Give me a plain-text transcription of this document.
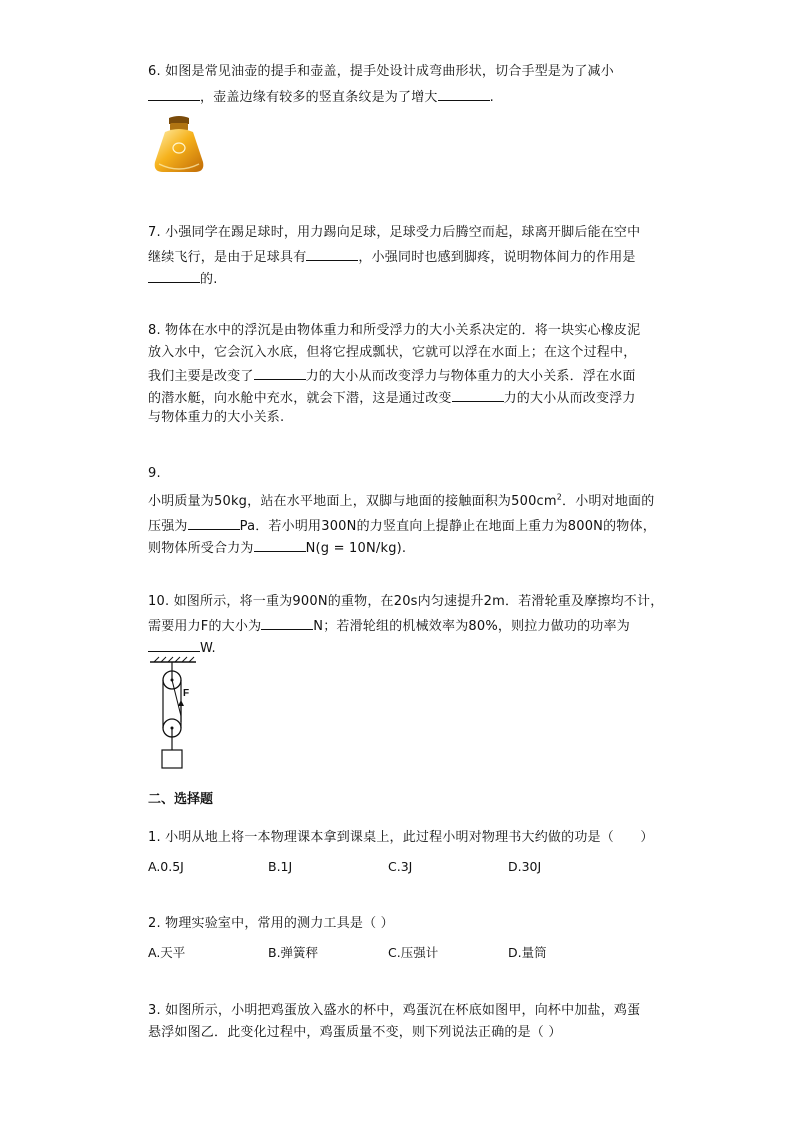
6. 如图是常见油壶的提手和壶盖，提手处设计成弯曲形状，切合手型是为了减小
，壶盖边缘有较多的竖直条纹是为了增大	.
7. 小强同学在踢足球时，用力踢向足球，足球受力后腾空而起，球离开脚后能在空中
继续飞行，是由于足球具有	，小强同时也感到脚疼，说明物体间力的作用是
的.
8. 物体在水中的浮沉是由物体重力和所受浮力的大小关系决定的．将一块实心橡皮泥
放入水中，它会沉入水底，但将它捏成瓢状，它就可以浮在水面上；在这个过程中，
我们主要是改变了	力的大小从而改变浮力与物体重力的大小关系．浮在水面
的潜水艇，向水舱中充水，就会下潜，这是通过改变	力的大小从而改变浮力
与物体重力的大小关系.
9.
小明质量为50kg，站在水平地面上，双脚与地面的接触面积为$500cm^2$．小明对地面的
压强为	Pa．若小明用300N的力竖直向上提静止在地面上重力为800N的物体，
则物体所受合力为	N(g = 10N/kg).
10. 如图所示，将一重为900N的重物，在20s内匀速提升2m．若滑轮重及摩擦均不计，
需要用力F的大小为	N；若滑轮组的机械效率为80%，则拉力做功的功率为
W.
F
二、选择题
1. 小明从地上将一本物理课本拿到课桌上，此过程小明对物理书大约做的功是（　　）
A.0.5J	B.1J	C.3J	D.30J
2. 物理实验室中，常用的测力工具是（ ）
A.天平	B.弹簧秤	C.压强计	D.量筒
3. 如图所示，小明把鸡蛋放入盛水的杯中，鸡蛋沉在杯底如图甲，向杯中加盐，鸡蛋
悬浮如图乙．此变化过程中，鸡蛋质量不变，则下列说法正确的是（ ）
